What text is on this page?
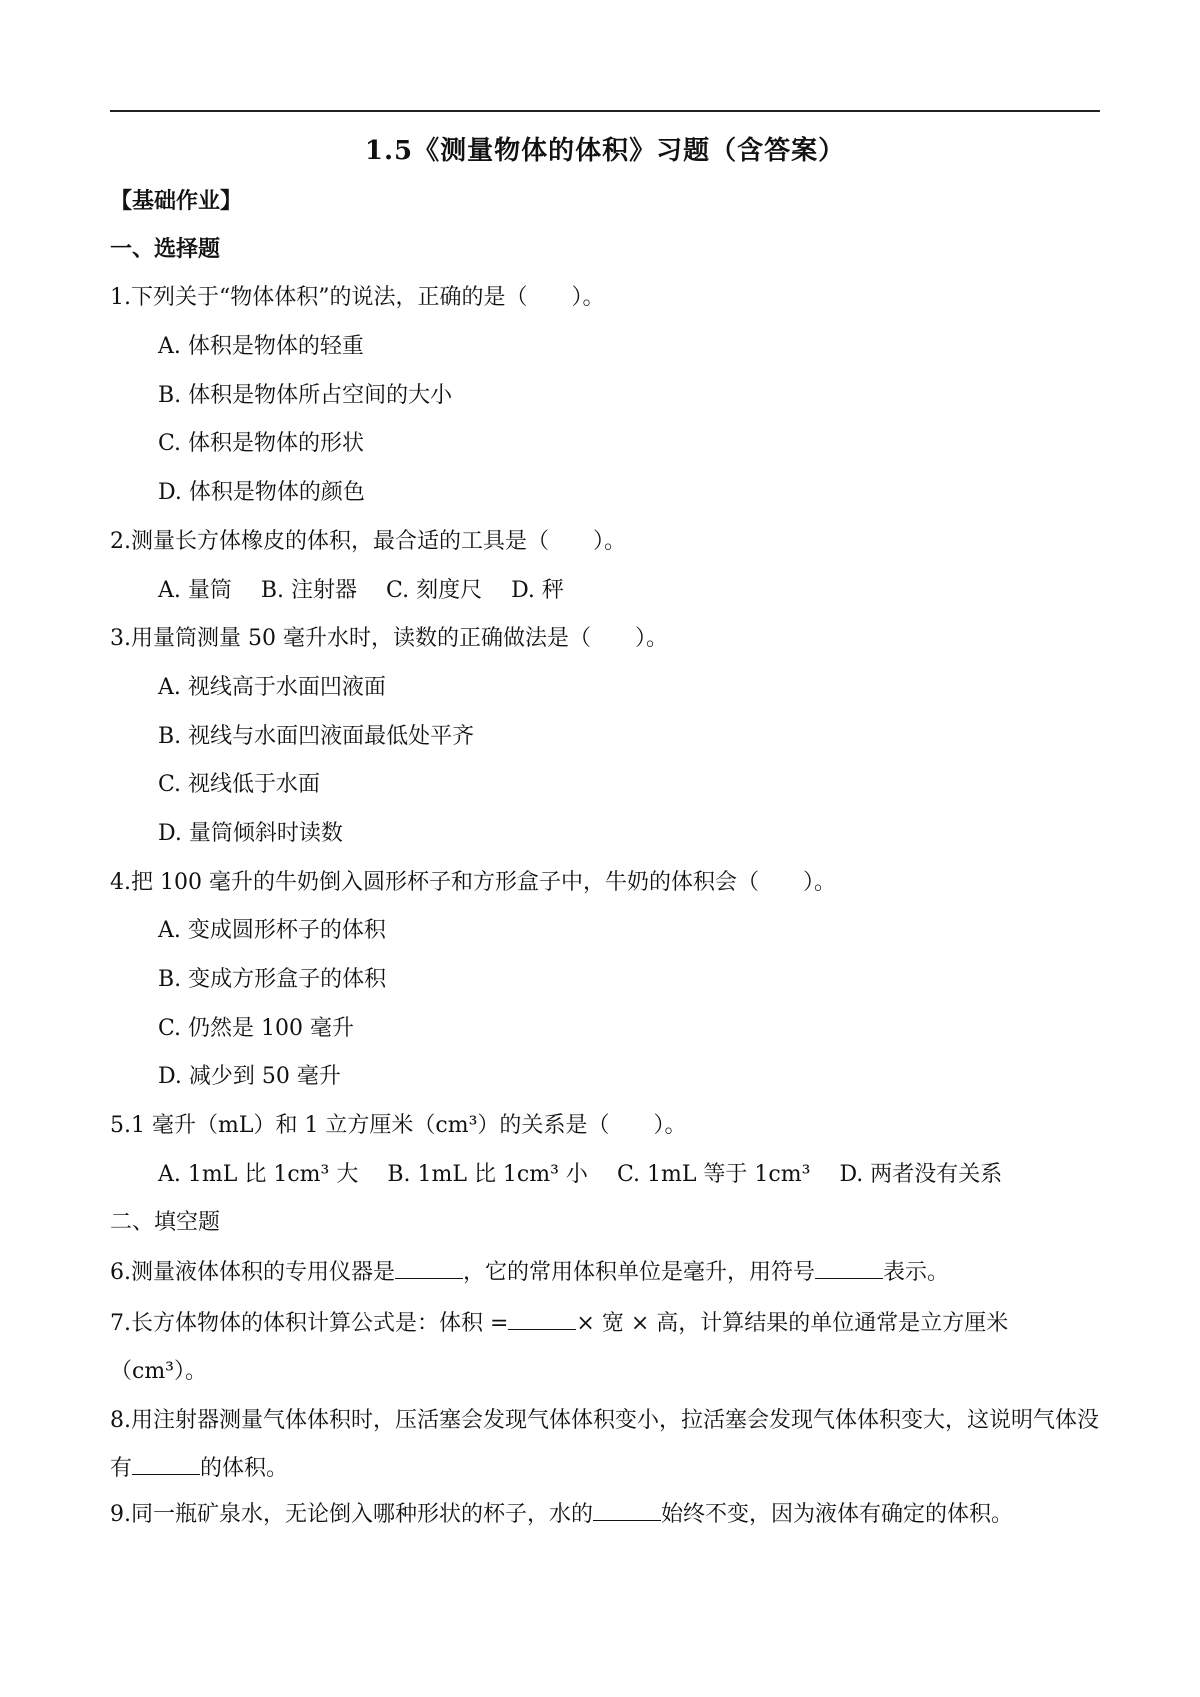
1.5《测量物体的体积》习题（含答案）
【基础作业】
一、选择题
1.下列关于“物体体积”的说法，正确的是（　　）。
A. 体积是物体的轻重
B. 体积是物体所占空间的大小
C. 体积是物体的形状
D. 体积是物体的颜色
2.测量长方体橡皮的体积，最合适的工具是（　　）。
A. 量筒 B. 注射器 C. 刻度尺 D. 秤
3.用量筒测量 50 毫升水时，读数的正确做法是（　　）。
A. 视线高于水面凹液面
B. 视线与水面凹液面最低处平齐
C. 视线低于水面
D. 量筒倾斜时读数
4.把 100 毫升的牛奶倒入圆形杯子和方形盒子中，牛奶的体积会（　　）。
A. 变成圆形杯子的体积
B. 变成方形盒子的体积
C. 仍然是 100 毫升
D. 减少到 50 毫升
5.1 毫升（mL）和 1 立方厘米（cm³）的关系是（　　）。
A. 1mL 比 1cm³ 大 B. 1mL 比 1cm³ 小 C. 1mL 等于 1cm³ D. 两者没有关系
二、填空题
6.测量液体体积的专用仪器是	，它的常用体积单位是毫升，用符号	表示。
7.长方体物体的体积计算公式是：体积 =	× 宽 × 高，计算结果的单位通常是立方厘米（cm³）。
8.用注射器测量气体体积时，压活塞会发现气体体积变小，拉活塞会发现气体体积变大，这说明气体没有	的体积。
9.同一瓶矿泉水，无论倒入哪种形状的杯子，水的	始终不变，因为液体有确定的体积。
